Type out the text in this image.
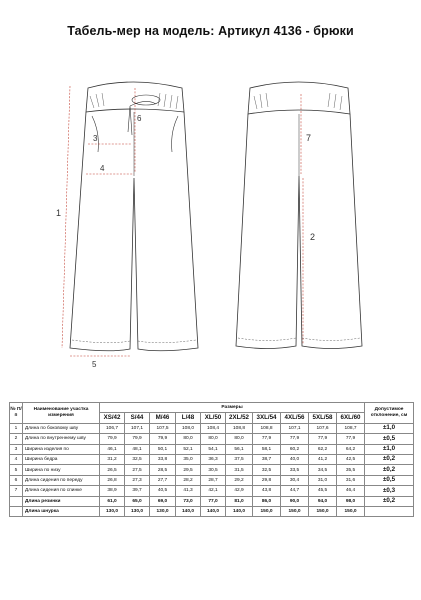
Табель-мер на модель: Артикул 4136 - брюки
1
3
4
5
6
7
2
№ П/п	Наименование участка измерения	Размеры										Допустимое отклонение, см
		XS/42	S/44	M/46	L/48	XL/50	2XL/52	3XL/54	4XL/56	5XL/58	6XL/60	
1	Длина по боковому шву	106,7	107,1	107,5	108,0	108,4	108,8	108,8	107,1	107,6	108,7	±1,0
2	Длина по внутреннему шву	79,9	79,9	79,9	80,0	80,0	80,0	77,9	77,9	77,9	77,9	±0,5
3	Ширина изделия по	46,1	48,1	50,1	52,1	54,1	56,1	58,1	60,2	62,2	64,2	±1,0
4	Ширина бедра	31,2	32,5	33,8	35,0	36,3	37,5	38,7	40,0	41,2	42,5	±0,2
5	Ширина по низу	26,5	27,5	28,5	29,5	30,5	31,5	32,5	33,5	34,5	35,5	±0,2
6	Длина сидения по переду	26,8	27,3	27,7	28,2	28,7	29,2	29,8	30,4	31,0	31,6	±0,5
7	Длина сидения по спинке	38,9	39,7	40,5	41,3	42,1	42,9	43,8	44,7	45,5	46,4	±0,3
	Длина резинки	61,0	65,0	69,0	73,0	77,0	81,0	86,0	90,0	94,0	98,0	±0,2
	Длина шнурка	130,0	130,0	130,0	140,0	140,0	140,0	150,0	150,0	150,0	150,0	
